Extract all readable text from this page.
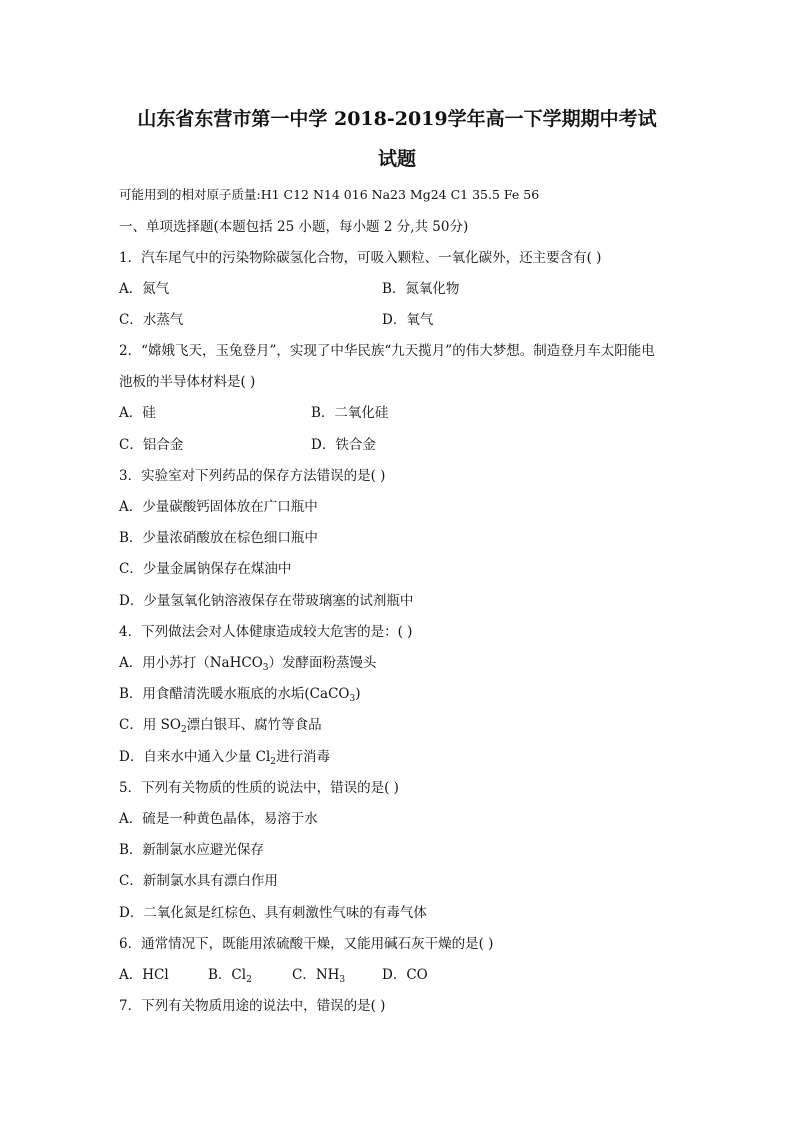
山东省东营市第一中学 2018-2019学年高一下学期期中考试
试题
可能用到的相对原子质量:H1 C12 N14 016 Na23 Mg24 C1 35.5 Fe 56
一、单项选择题(本题包括 25 小题，每小题 2 分,共 50分)
1．汽车尾气中的污染物除碳氢化合物，可吸入颗粒、一氧化碳外，还主要含有( )
A．氮气	B．氮氧化物
C．水蒸气	D．氧气
2．“嫦娥飞天，玉兔登月”，实现了中华民族“九天揽月”的伟大梦想。制造登月车太阳能电
池板的半导体材料是( )
A．硅	B．二氧化硅
C．铝合金	D．铁合金
3．实验室对下列药品的保存方法错误的是( )
A．少量碳酸钙固体放在广口瓶中
B．少量浓硝酸放在棕色细口瓶中
C．少量金属钠保存在煤油中
D．少量氢氧化钠溶液保存在带玻璃塞的试剂瓶中
4．下列做法会对人体健康造成较大危害的是：( )
A．用小苏打（NaHCO$_3$）发酵面粉蒸馒头
B．用食醋清洗暖水瓶底的水垢(CaCO$_3$)
C．用 $SO_2$漂白银耳、腐竹等食品
D．自来水中通入少量 $Cl_2$进行消毒
5．下列有关物质的性质的说法中，错误的是( )
A．硫是一种黄色晶体，易溶于水
B．新制氯水应避光保存
C．新制氯水具有漂白作用
D．二氧化氮是红棕色、具有刺激性气味的有毒气体
6．通常情况下，既能用浓硫酸干燥，又能用碱石灰干燥的是( )
A．HCl	B．$Cl_2$	C．$NH_3$	D．CO
7．下列有关物质用途的说法中，错误的是( )
